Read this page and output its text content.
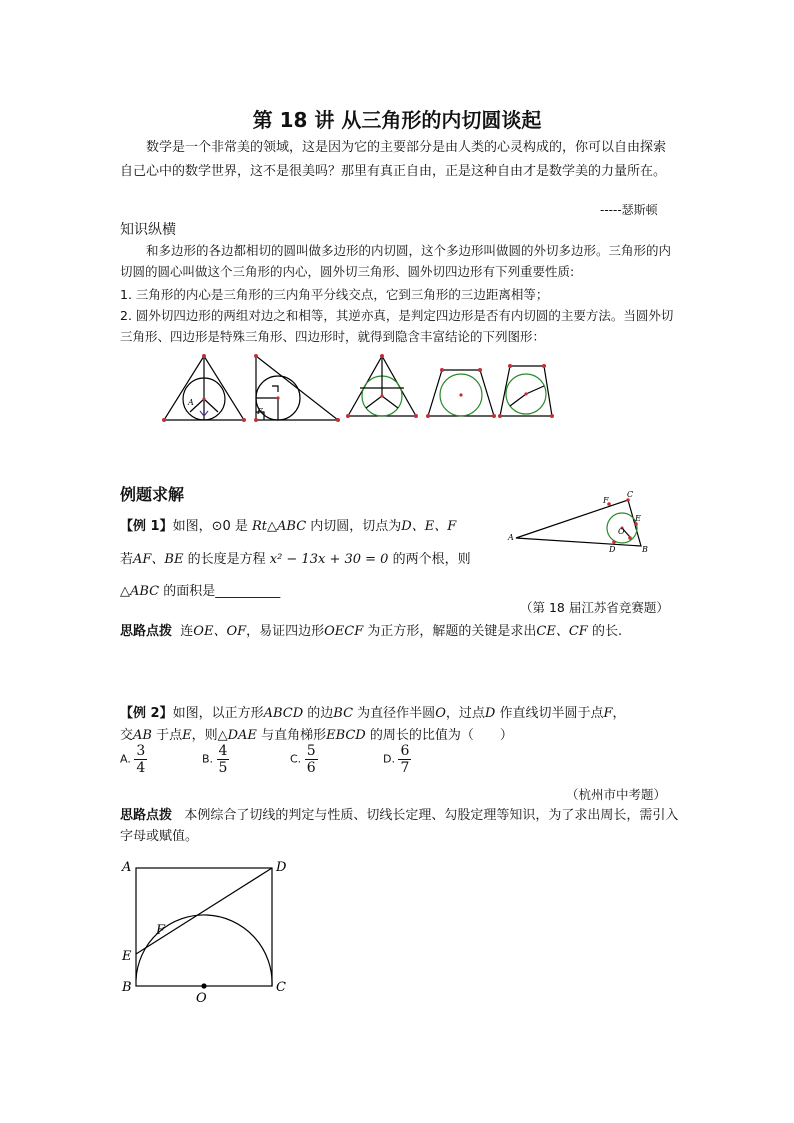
第 18 讲 从三角形的内切圆谈起
数学是一个非常美的领域，这是因为它的主要部分是由人类的心灵构成的，你可以自由探索自己心中的数学世界，这不是很美吗？那里有真正自由，正是这种自由才是数学美的力量所在。
-----瑟斯顿
知识纵横
和多边形的各边都相切的圆叫做多边形的内切圆，这个多边形叫做圆的外切多边形。三角形的内切圆的圆心叫做这个三角形的内心，圆外切三角形、圆外切四边形有下列重要性质:
1. 三角形的内心是三角形的三内角平分线交点，它到三角形的三边距离相等；
2. 圆外切四边形的两组对边之和相等，其逆亦真，是判定四边形是否有内切圆的主要方法。当圆外切三角形、四边形是特殊三角形、四边形时，就得到隐含丰富结论的下列图形：
A
F
例题求解
【例 1】如图，⊙0 是 Rt△ABC 内切圆，切点为D、E、F
若AF、BE 的长度是方程 x² − 13x + 30 = 0 的两个根，则
△ABC 的面积是__________
A
B
C
D
E
F
O
（第 18 届江苏省竞赛题）
思路点拨 连OE、OF，易证四边形OECF 为正方形，解题的关键是求出CE、CF 的长.
【例 2】如图，以正方形ABCD 的边BC 为直径作半圆O，过点D 作直线切半圆于点F，
交AB 于点E，则△DAE 与直角梯形EBCD 的周长的比值为（　　）
A. $\frac{3}{4}$	B. $\frac{4}{5}$	C. $\frac{5}{6}$	D. $\frac{6}{7}$
（杭州市中考题）
思路点拨 本例综合了切线的判定与性质、切线长定理、勾股定理等知识，为了求出周长，需引入字母或赋值。
A
B	C
D
E
F
O
